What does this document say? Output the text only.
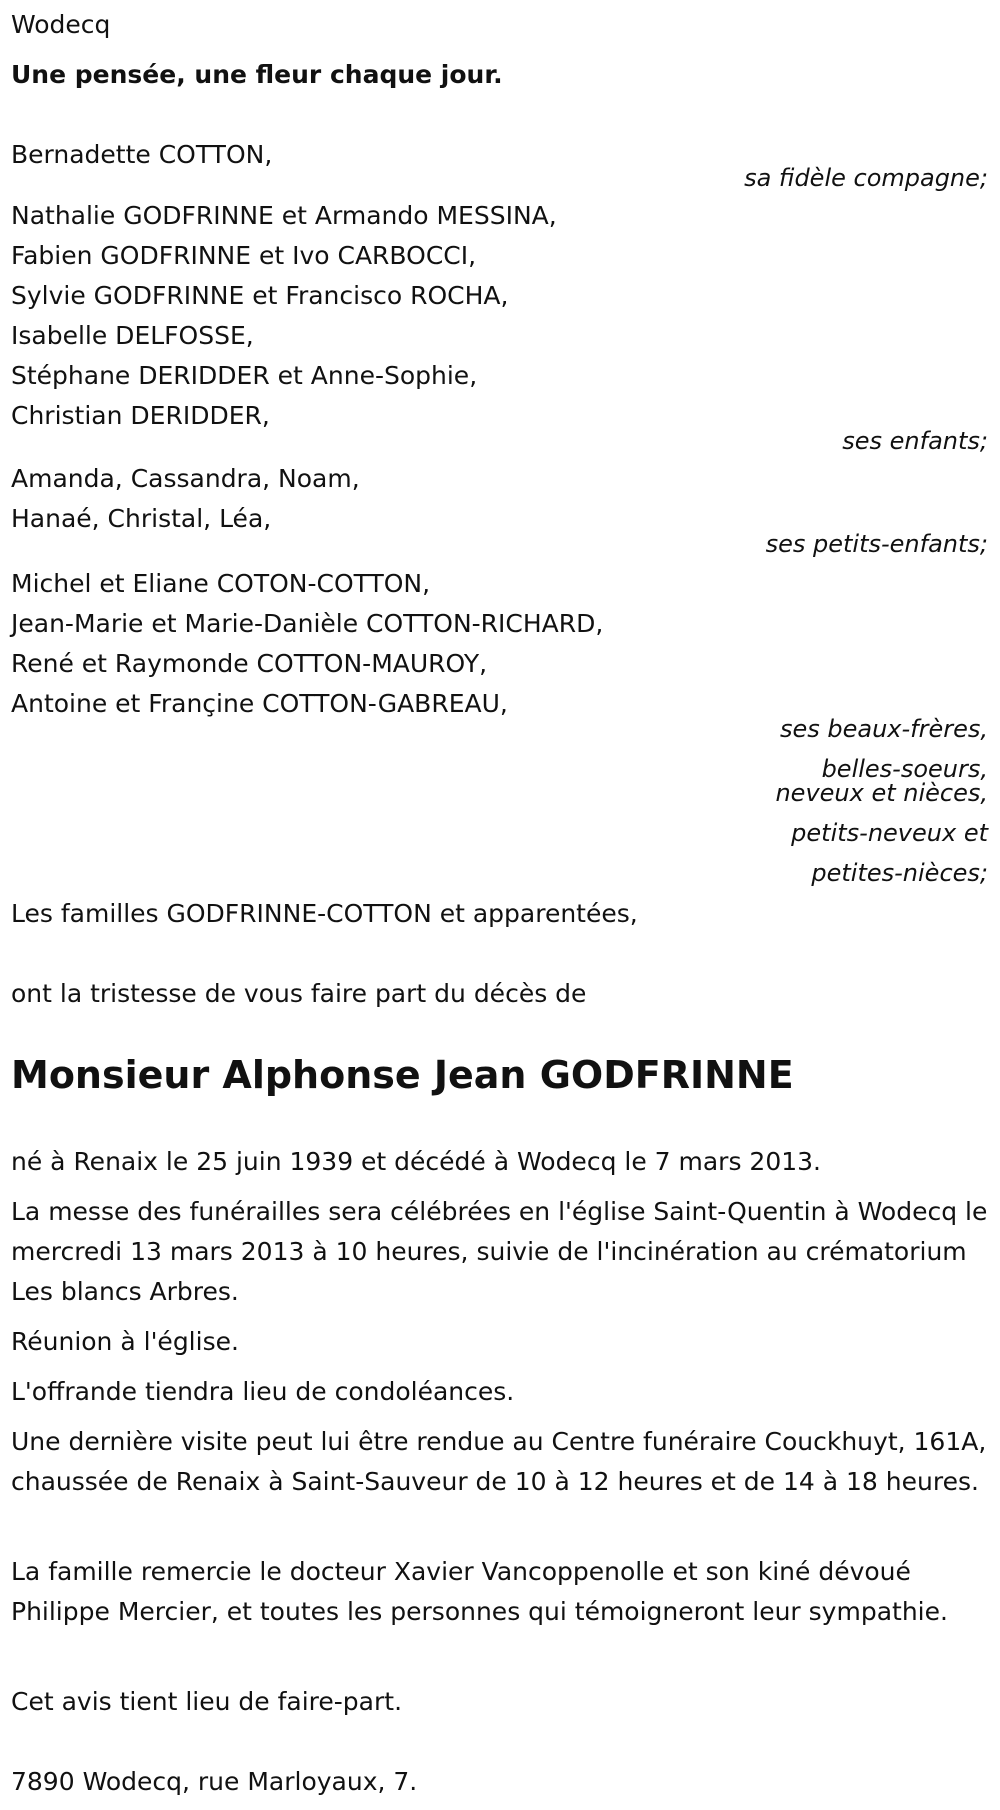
Wodecq

Une pensée, une fleur chaque jour.

Bernadette COTTON,

sa fidèle compagne;

Nathalie GODFRINNE et Armando MESSINA,

Fabien GODFRINNE et Ivo CARBOCCI,

Sylvie GODFRINNE et Francisco ROCHA,

Isabelle DELFOSSE,

Stéphane DERIDDER et Anne-Sophie,

Christian DERIDDER,

ses enfants;

Amanda, Cassandra, Noam,

Hanaé, Christal, Léa,

ses petits-enfants;

Michel et Eliane COTON-COTTON,

Jean-Marie et Marie-Danièle COTTON-RICHARD,

René et Raymonde COTTON-MAUROY,

Antoine et Françine COTTON-GABREAU,

ses beaux-frères,

belles-soeurs,

neveux et nièces,

petits-neveux et

petites-nièces;

Les familles GODFRINNE-COTTON et apparentées,

ont la tristesse de vous faire part du décès de

Monsieur Alphonse Jean GODFRINNE

né à Renaix le 25 juin 1939 et décédé à Wodecq le 7 mars 2013.

La messe des funérailles sera célébrées en l'église Saint-Quentin à Wodecq le mercredi 13 mars 2013 à 10 heures, suivie de l'incinération au crématorium Les blancs Arbres.

Réunion à l'église.

L'offrande tiendra lieu de condoléances.

Une dernière visite peut lui être rendue au Centre funéraire Couckhuyt, 161A, chaussée de Renaix à Saint-Sauveur de 10 à 12 heures et de 14 à 18 heures.

La famille remercie le docteur Xavier Vancoppenolle et son kiné dévoué Philippe Mercier, et toutes les personnes qui témoigneront leur sympathie.

Cet avis tient lieu de faire-part.

7890 Wodecq, rue Marloyaux, 7.
